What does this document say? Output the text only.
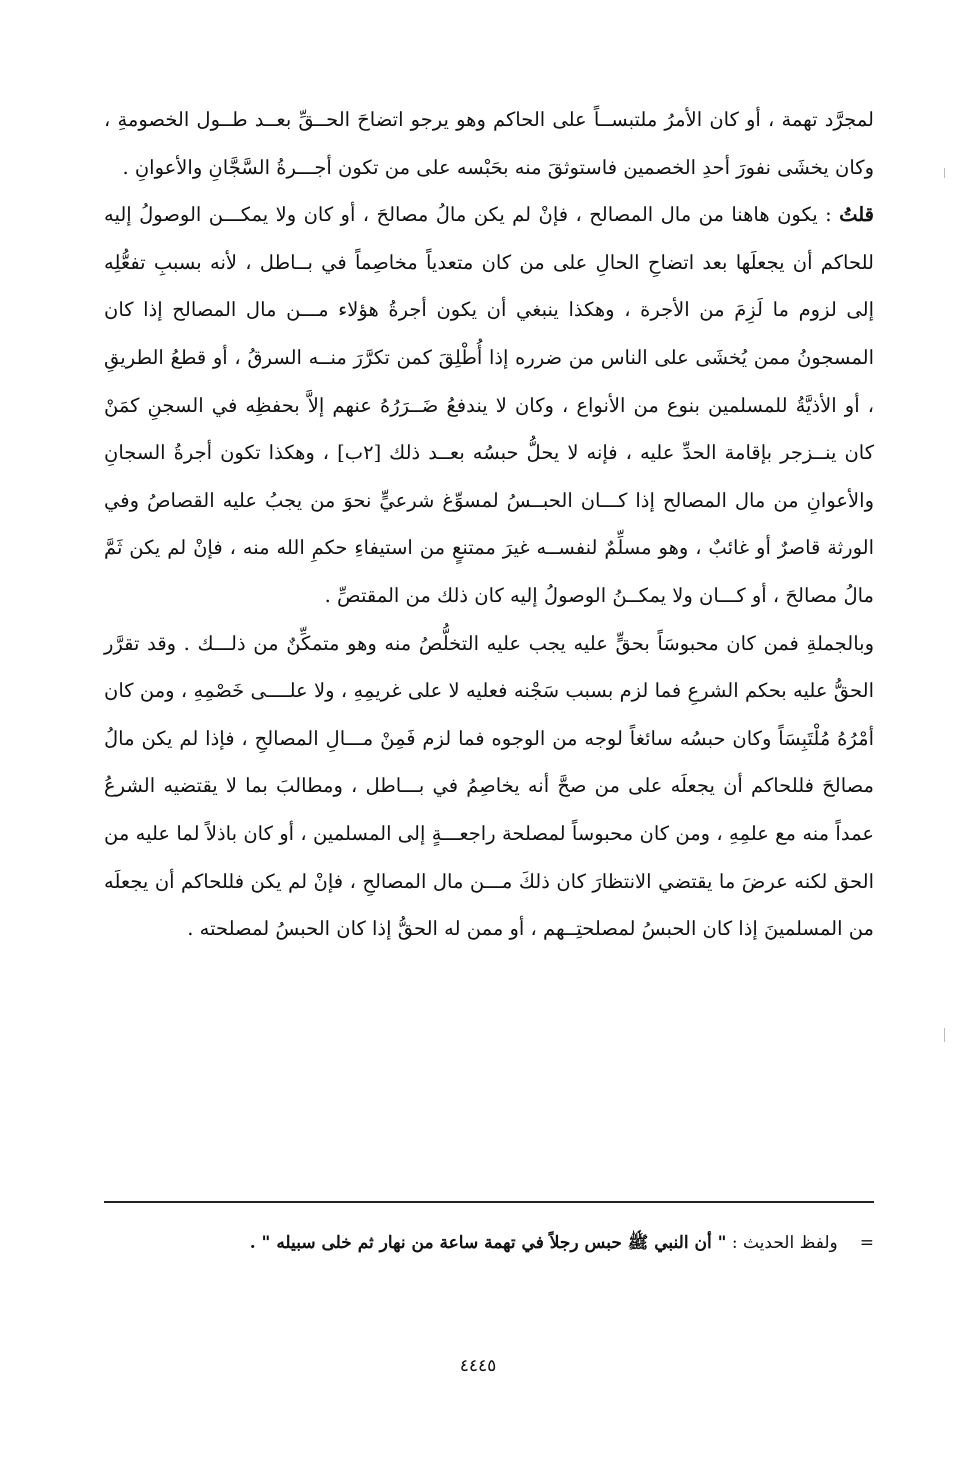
لمجرَّد تهمة ، أو كان الأمرُ ملتبســاً على الحاكم وهو يرجو اتضاحَ الحــقِّ بعــد طــول الخصومةِ ، وكان يخشَى نفورَ أحدِ الخصمين فاستوثقَ منه بحَبْسه على من تكون أجـــرةُ السَّجَّانِ والأعوانِ .

قلتُ : يكون هاهنا من مال المصالح ، فإنْ لم يكن مالُ مصالحَ ، أو كان ولا يمكـــن الوصولُ إليه للحاكم أن يجعلَها بعد اتضاحِ الحالِ على من كان متعدياً مخاصِماً في بــاطل ، لأنه بسببِ تفعُّلِه إلى لزوم ما لَزِمَ من الأجرة ، وهكذا ينبغي أن يكون أجرةُ هؤلاء مـــن مال المصالح إذا كان المسجونُ ممن يُخشَى على الناس من ضرره إذا أُطْلِقَ كمن تكرَّرَ منــه السرقُ ، أو قطعُ الطريقِ ، أو الأذيَّةُ للمسلمين بنوع من الأنواع ، وكان لا يندفعُ ضَــرَرُهُ عنهم إلاَّ بحفظِه في السجنِ كمَنْ كان ينــزجر بإقامة الحدِّ عليه ، فإنه لا يحلُّ حبسُه بعــد ذلك [٢ب] ، وهكذا تكون أجرةُ السجانِ والأعوانِ من مال المصالح إذا كـــان الحبــسُ لمسوِّغ شرعيٍّ نحوَ من يجبُ عليه القصاصُ وفي الورثة قاصرٌ أو غائبٌ ، وهو مسلِّمٌ لنفســه غيرَ ممتنعٍ من استيفاءِ حكمِ الله منه ، فإنْ لم يكن ثَمَّ مالُ مصالحَ ، أو كـــان ولا يمكــنُ الوصولُ إليه كان ذلك من المقتصِّ .

وبالجملةِ فمن كان محبوسَاً بحقٍّ عليه يجب عليه التخلُّصُ منه وهو متمكِّنٌ من ذلـــك . وقد تقرَّر الحقُّ عليه بحكم الشرعِ فما لزم بسبب سَجْنه فعليه لا على غريمِهِ ، ولا علــــى خَصْمِهِ ، ومن كان أمْرُهُ مُلْتَبِسَاً وكان حبسُه سائغاً لوجه من الوجوه فما لزم فَمِنْ مـــالِ المصالحِ ، فإذا لم يكن مالُ مصالحَ فللحاكم أن يجعلَه على من صحَّ أنه يخاصِمُ في بـــاطل ، ومطالبَ بما لا يقتضيه الشرعُ عمداً منه مع علمِهِ ، ومن كان محبوساً لمصلحة راجعـــةٍ إلى المسلمين ، أو كان باذلاً لما عليه من الحق لكنه عرضَ ما يقتضي الانتظارَ كان ذلكَ مـــن مال المصالحِ ، فإنْ لم يكن فللحاكم أن يجعلَه من المسلمينَ إذا كان الحبسُ لمصلحتِــهم ، أو ممن له الحقُّ إذا كان الحبسُ لمصلحته .

=ولفظ الحديث : " أن النبي ﷺ حبس رجلاً في تهمة ساعة من نهار ثم خلى سبيله " .
٤٤٤٥
